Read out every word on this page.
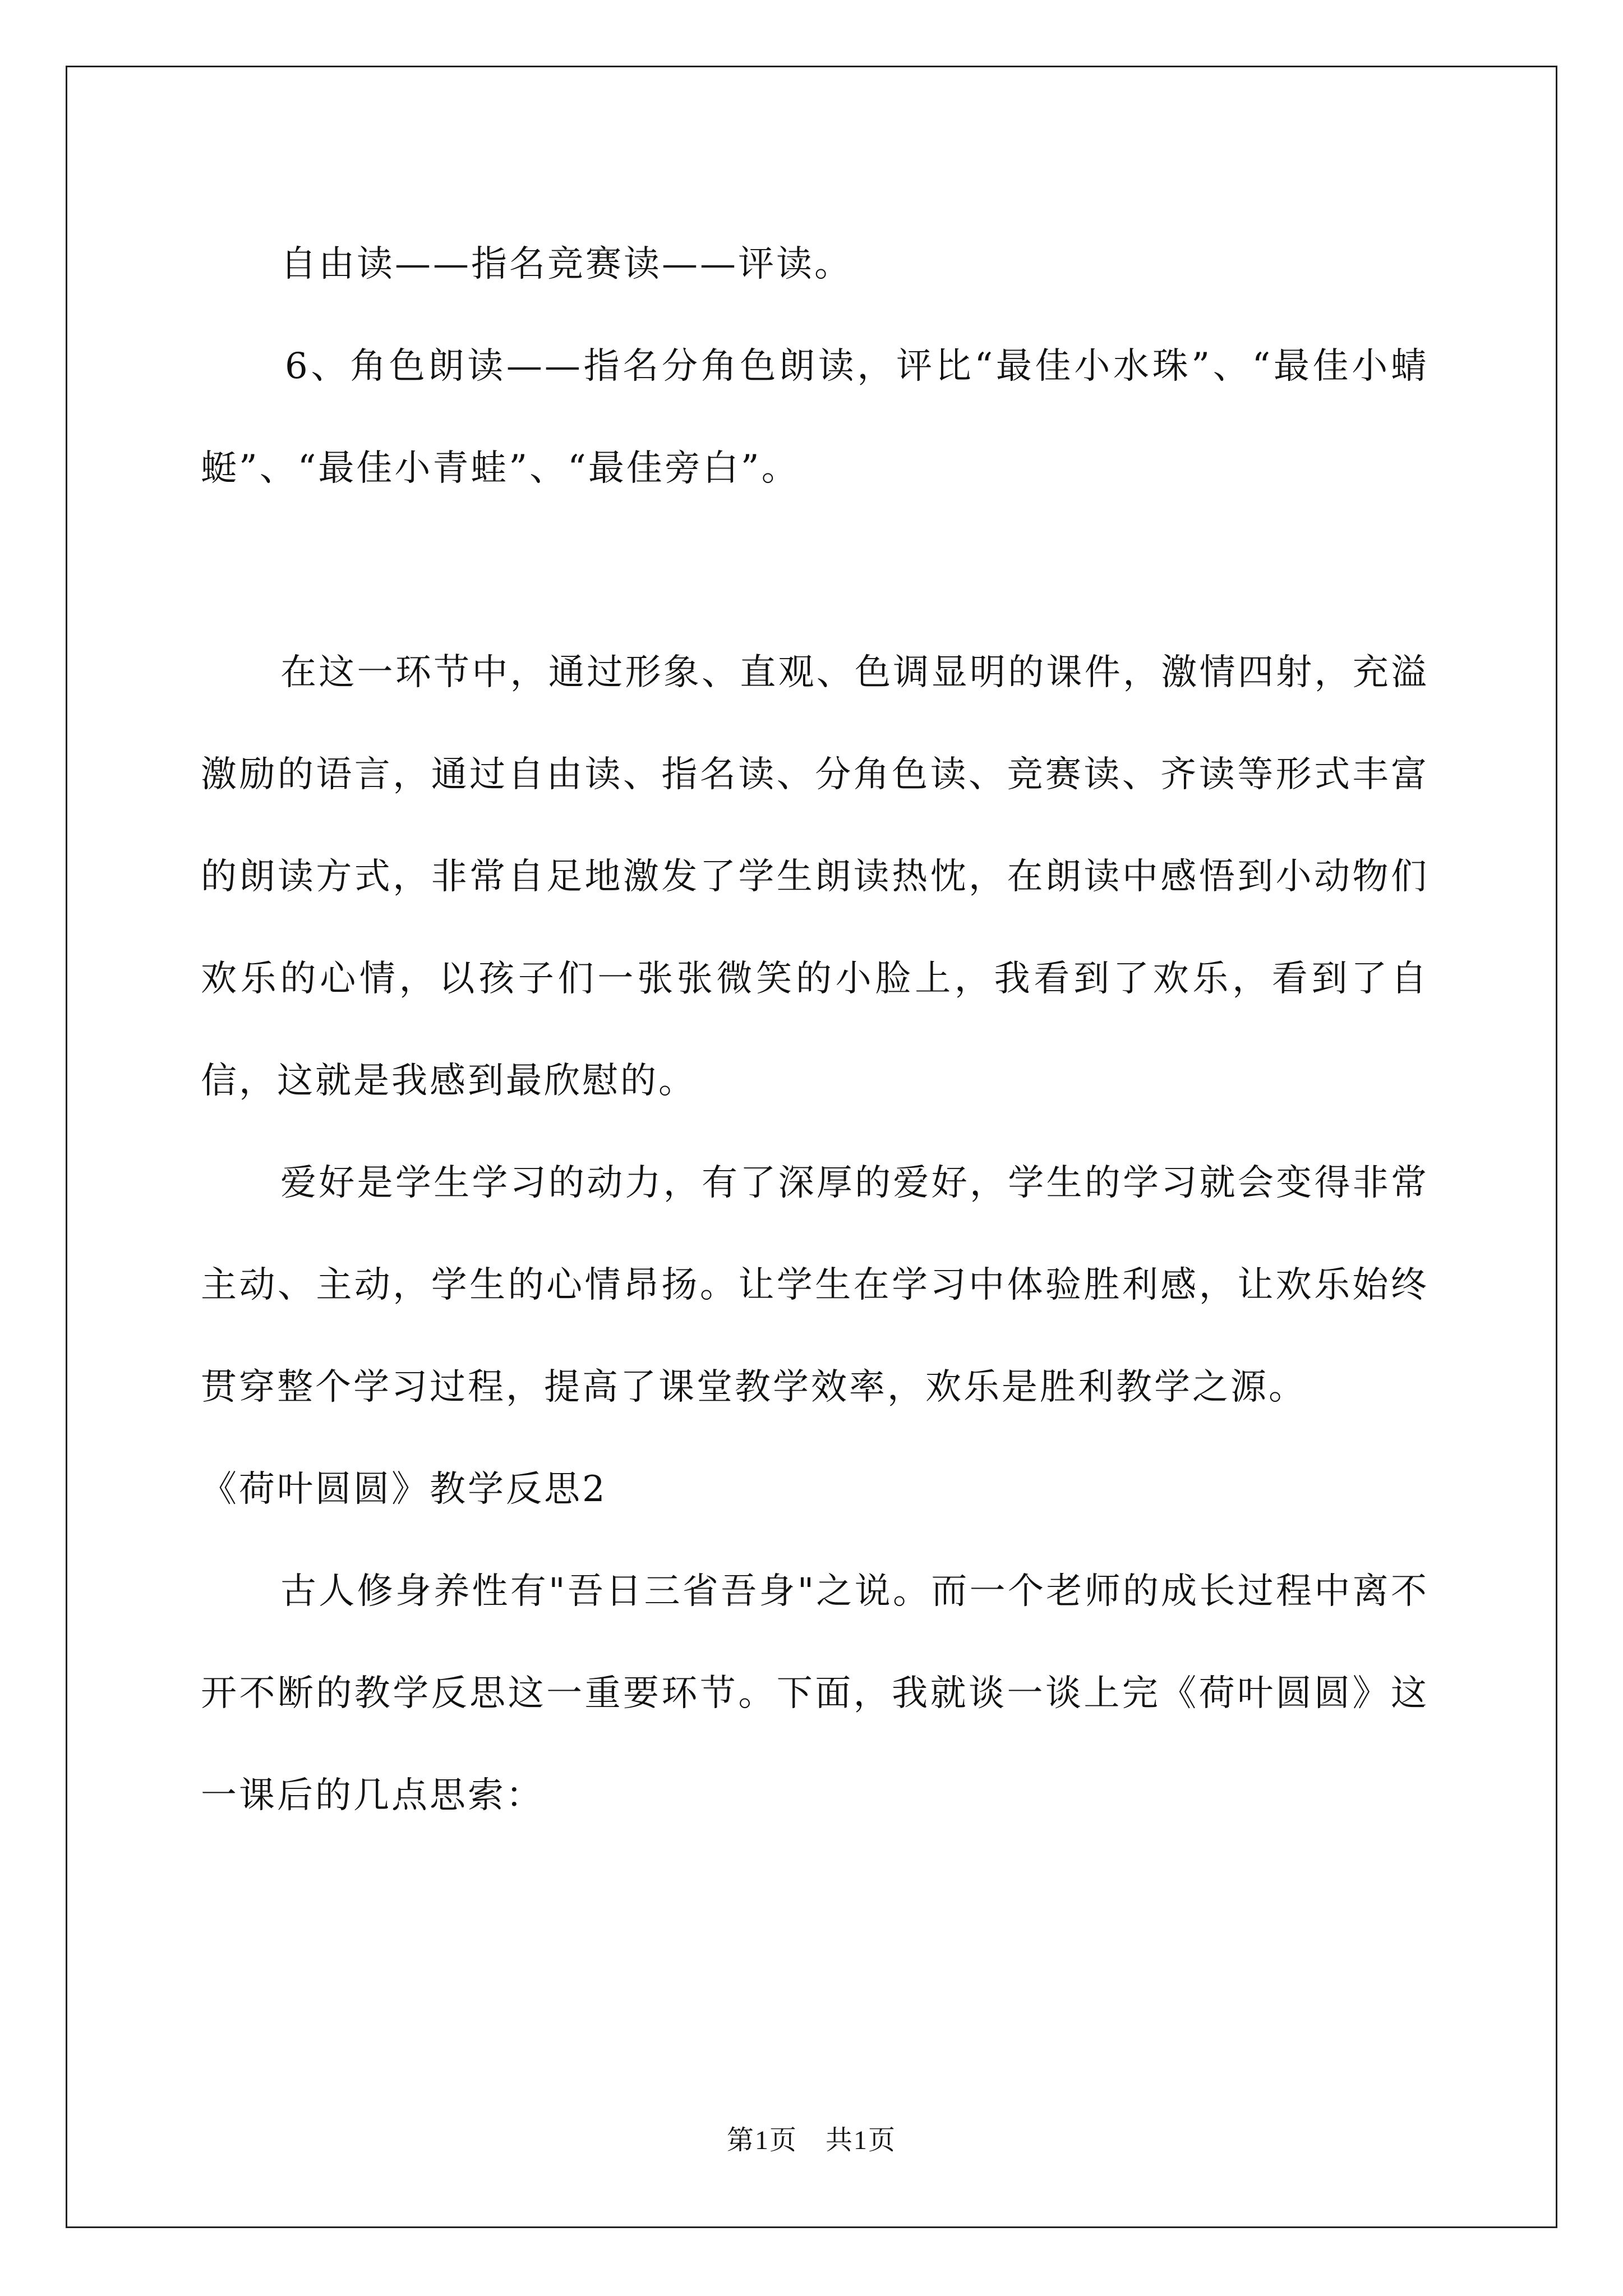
自由读——指名竞赛读——评读。

6、角色朗读——指名分角色朗读，评比“最佳小水珠”、“最佳小蜻蜓”、“最佳小青蛙”、“最佳旁白”。

在这一环节中，通过形象、直观、色调显明的课件，激情四射，充溢激励的语言，通过自由读、指名读、分角色读、竞赛读、齐读等形式丰富的朗读方式，非常自足地激发了学生朗读热忱，在朗读中感悟到小动物们欢乐的心情，以孩子们一张张微笑的小脸上，我看到了欢乐，看到了自信，这就是我感到最欣慰的。

爱好是学生学习的动力，有了深厚的爱好，学生的学习就会变得非常主动、主动，学生的心情昂扬。让学生在学习中体验胜利感，让欢乐始终贯穿整个学习过程，提高了课堂教学效率，欢乐是胜利教学之源。

《荷叶圆圆》教学反思2

古人修身养性有"吾日三省吾身"之说。而一个老师的成长过程中离不开不断的教学反思这一重要环节。下面，我就谈一谈上完《荷叶圆圆》这一课后的几点思索：

第1页　共1页
